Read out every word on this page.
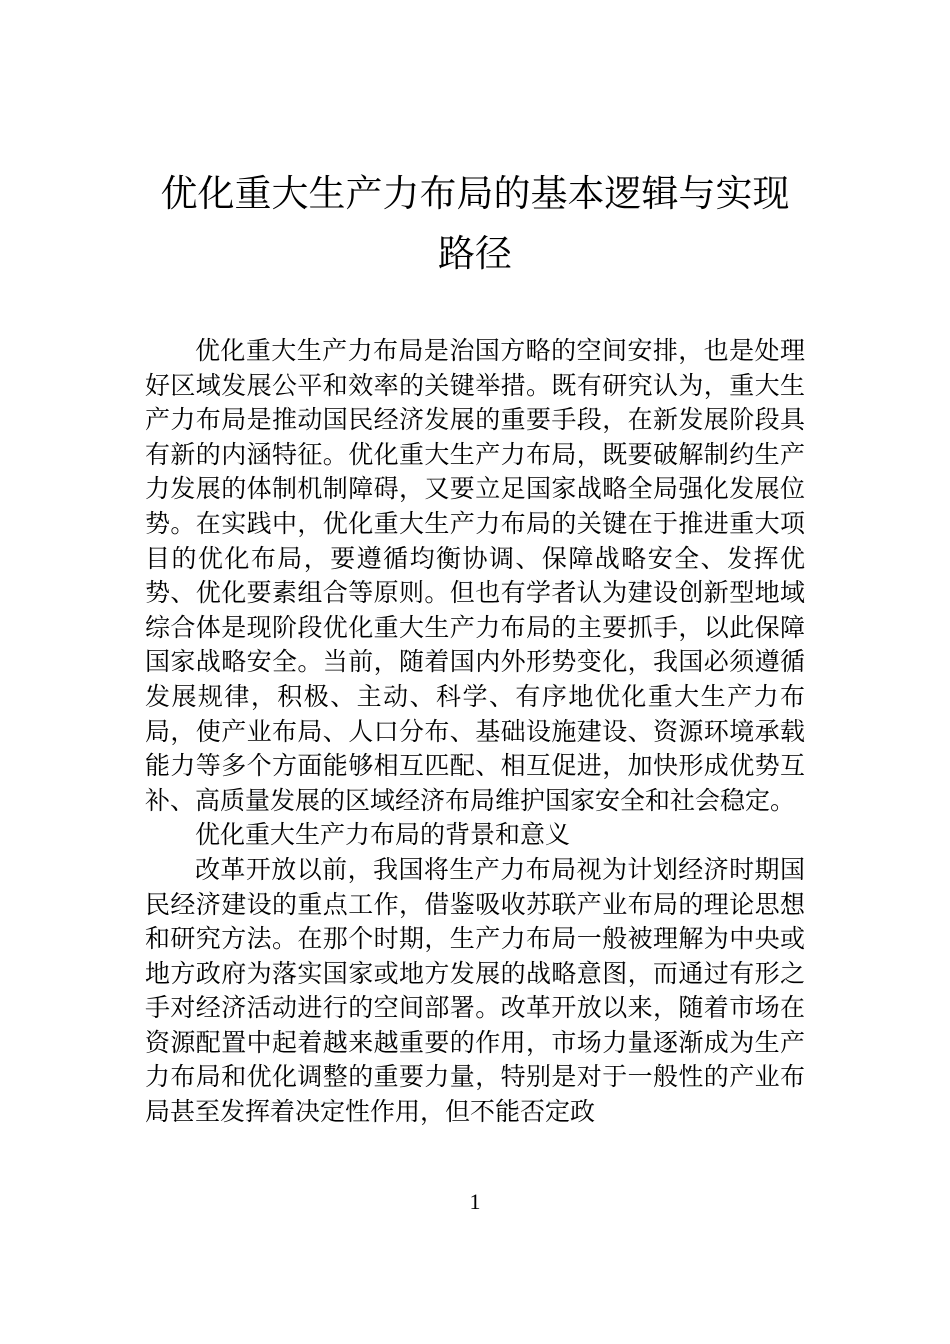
优化重大生产力布局的基本逻辑与实现路径

优化重大生产力布局是治国方略的空间安排，也是处理好区域发展公平和效率的关键举措。既有研究认为，重大生产力布局是推动国民经济发展的重要手段，在新发展阶段具有新的内涵特征。优化重大生产力布局，既要破解制约生产力发展的体制机制障碍，又要立足国家战略全局强化发展位势。在实践中，优化重大生产力布局的关键在于推进重大项目的优化布局，要遵循均衡协调、保障战略安全、发挥优势、优化要素组合等原则。但也有学者认为建设创新型地域综合体是现阶段优化重大生产力布局的主要抓手，以此保障国家战略安全。当前，随着国内外形势变化，我国必须遵循发展规律，积极、主动、科学、有序地优化重大生产力布局，使产业布局、人口分布、基础设施建设、资源环境承载能力等多个方面能够相互匹配、相互促进，加快形成优势互补、高质量发展的区域经济布局维护国家安全和社会稳定。

优化重大生产力布局的背景和意义

改革开放以前，我国将生产力布局视为计划经济时期国民经济建设的重点工作，借鉴吸收苏联产业布局的理论思想和研究方法。在那个时期，生产力布局一般被理解为中央或地方政府为落实国家或地方发展的战略意图，而通过有形之手对经济活动进行的空间部署。改革开放以来，随着市场在资源配置中起着越来越重要的作用，市场力量逐渐成为生产力布局和优化调整的重要力量，特别是对于一般性的产业布局甚至发挥着决定性作用，但不能否定政

1
